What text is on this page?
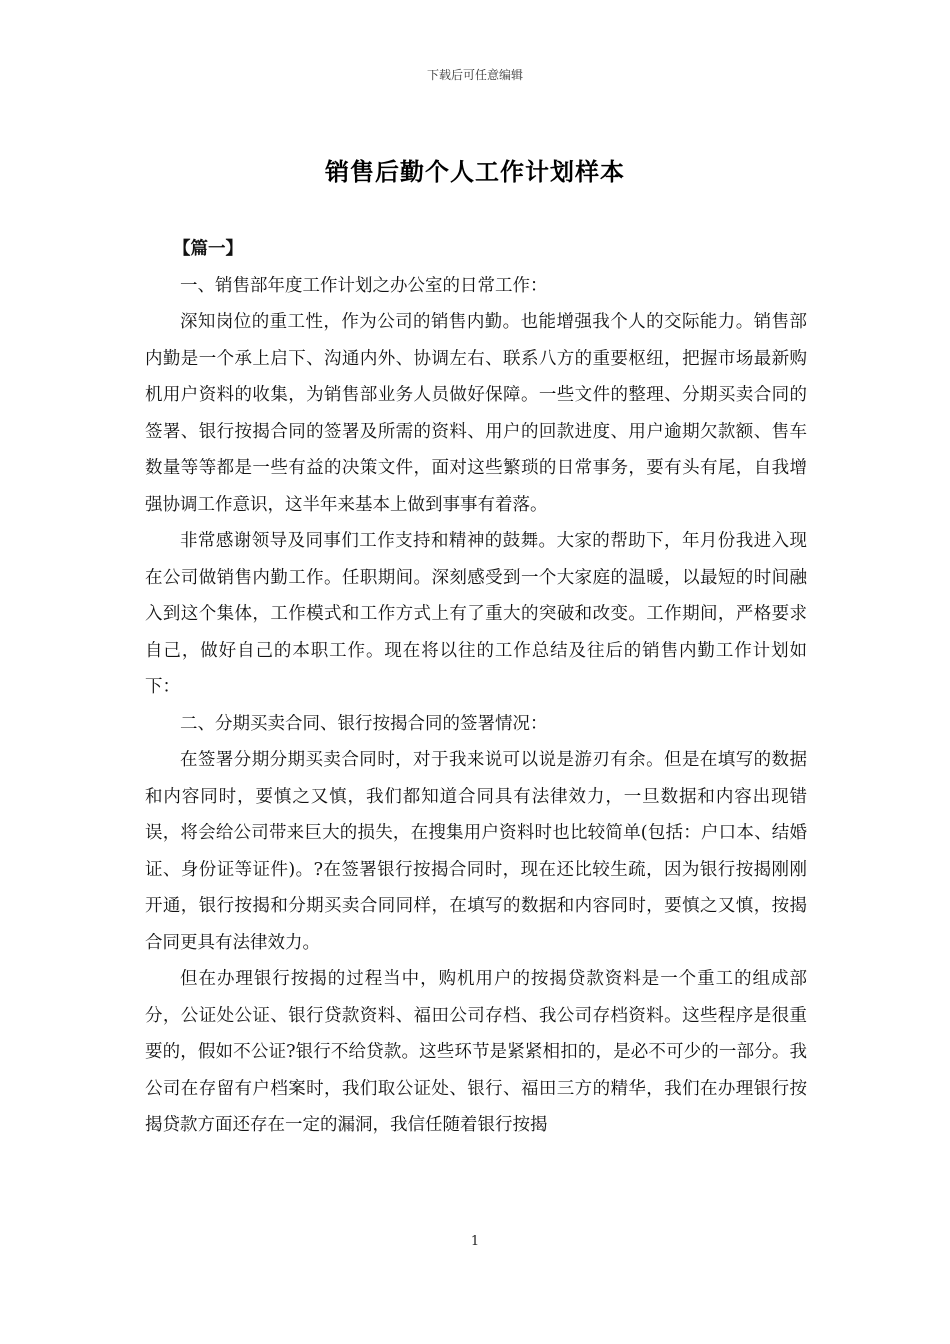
下载后可任意编辑
销售后勤个人工作计划样本

【篇一】

一、销售部年度工作计划之办公室的日常工作：

深知岗位的重工性，作为公司的销售内勤。也能增强我个人的交际能力。销售部内勤是一个承上启下、沟通内外、协调左右、联系八方的重要枢纽，把握市场最新购机用户资料的收集，为销售部业务人员做好保障。一些文件的整理、分期买卖合同的签署、银行按揭合同的签署及所需的资料、用户的回款进度、用户逾期欠款额、售车数量等等都是一些有益的决策文件，面对这些繁琐的日常事务，要有头有尾，自我增强协调工作意识，这半年来基本上做到事事有着落。

非常感谢领导及同事们工作支持和精神的鼓舞。大家的帮助下，年月份我进入现在公司做销售内勤工作。任职期间。深刻感受到一个大家庭的温暖，以最短的时间融入到这个集体，工作模式和工作方式上有了重大的突破和改变。工作期间，严格要求自己，做好自己的本职工作。现在将以往的工作总结及往后的销售内勤工作计划如下：

二、分期买卖合同、银行按揭合同的签署情况：

在签署分期分期买卖合同时，对于我来说可以说是游刃有余。但是在填写的数据和内容同时，要慎之又慎，我们都知道合同具有法律效力，一旦数据和内容出现错误，将会给公司带来巨大的损失，在搜集用户资料时也比较简单(包括：户口本、结婚证、身份证等证件)。?在签署银行按揭合同时，现在还比较生疏，因为银行按揭刚刚开通，银行按揭和分期买卖合同同样，在填写的数据和内容同时，要慎之又慎，按揭合同更具有法律效力。

但在办理银行按揭的过程当中，购机用户的按揭贷款资料是一个重工的组成部分，公证处公证、银行贷款资料、福田公司存档、我公司存档资料。这些程序是很重要的，假如不公证?银行不给贷款。这些环节是紧紧相扣的，是必不可少的一部分。我公司在存留有户档案时，我们取公证处、银行、福田三方的精华，我们在办理银行按揭贷款方面还存在一定的漏洞，我信任随着银行按揭

1
